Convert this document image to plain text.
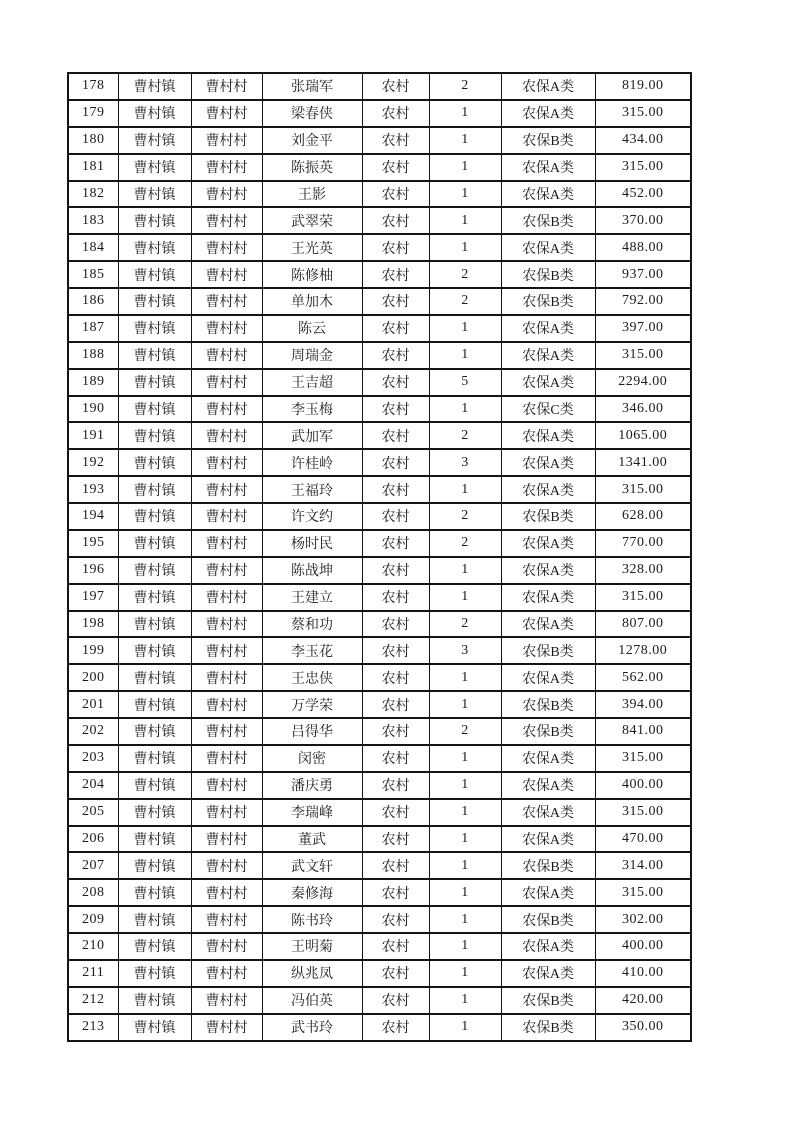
178	曹村镇	曹村村	张瑞军	农村	2	农保A类	819.00
179	曹村镇	曹村村	梁春侠	农村	1	农保A类	315.00
180	曹村镇	曹村村	刘金平	农村	1	农保B类	434.00
181	曹村镇	曹村村	陈振英	农村	1	农保A类	315.00
182	曹村镇	曹村村	王影	农村	1	农保A类	452.00
183	曹村镇	曹村村	武翠荣	农村	1	农保B类	370.00
184	曹村镇	曹村村	王光英	农村	1	农保A类	488.00
185	曹村镇	曹村村	陈修柚	农村	2	农保B类	937.00
186	曹村镇	曹村村	单加木	农村	2	农保B类	792.00
187	曹村镇	曹村村	陈云	农村	1	农保A类	397.00
188	曹村镇	曹村村	周瑞金	农村	1	农保A类	315.00
189	曹村镇	曹村村	王吉超	农村	5	农保A类	2294.00
190	曹村镇	曹村村	李玉梅	农村	1	农保C类	346.00
191	曹村镇	曹村村	武加军	农村	2	农保A类	1065.00
192	曹村镇	曹村村	许桂岭	农村	3	农保A类	1341.00
193	曹村镇	曹村村	王福玲	农村	1	农保A类	315.00
194	曹村镇	曹村村	许文约	农村	2	农保B类	628.00
195	曹村镇	曹村村	杨时民	农村	2	农保A类	770.00
196	曹村镇	曹村村	陈战坤	农村	1	农保A类	328.00
197	曹村镇	曹村村	王建立	农村	1	农保A类	315.00
198	曹村镇	曹村村	蔡和功	农村	2	农保A类	807.00
199	曹村镇	曹村村	李玉花	农村	3	农保B类	1278.00
200	曹村镇	曹村村	王忠侠	农村	1	农保A类	562.00
201	曹村镇	曹村村	万学荣	农村	1	农保B类	394.00
202	曹村镇	曹村村	吕得华	农村	2	农保B类	841.00
203	曹村镇	曹村村	闵密	农村	1	农保A类	315.00
204	曹村镇	曹村村	潘庆勇	农村	1	农保A类	400.00
205	曹村镇	曹村村	李瑞峰	农村	1	农保A类	315.00
206	曹村镇	曹村村	董武	农村	1	农保A类	470.00
207	曹村镇	曹村村	武文轩	农村	1	农保B类	314.00
208	曹村镇	曹村村	秦修海	农村	1	农保A类	315.00
209	曹村镇	曹村村	陈书玲	农村	1	农保B类	302.00
210	曹村镇	曹村村	王明菊	农村	1	农保A类	400.00
211	曹村镇	曹村村	纵兆凤	农村	1	农保A类	410.00
212	曹村镇	曹村村	冯伯英	农村	1	农保B类	420.00
213	曹村镇	曹村村	武书玲	农村	1	农保B类	350.00
